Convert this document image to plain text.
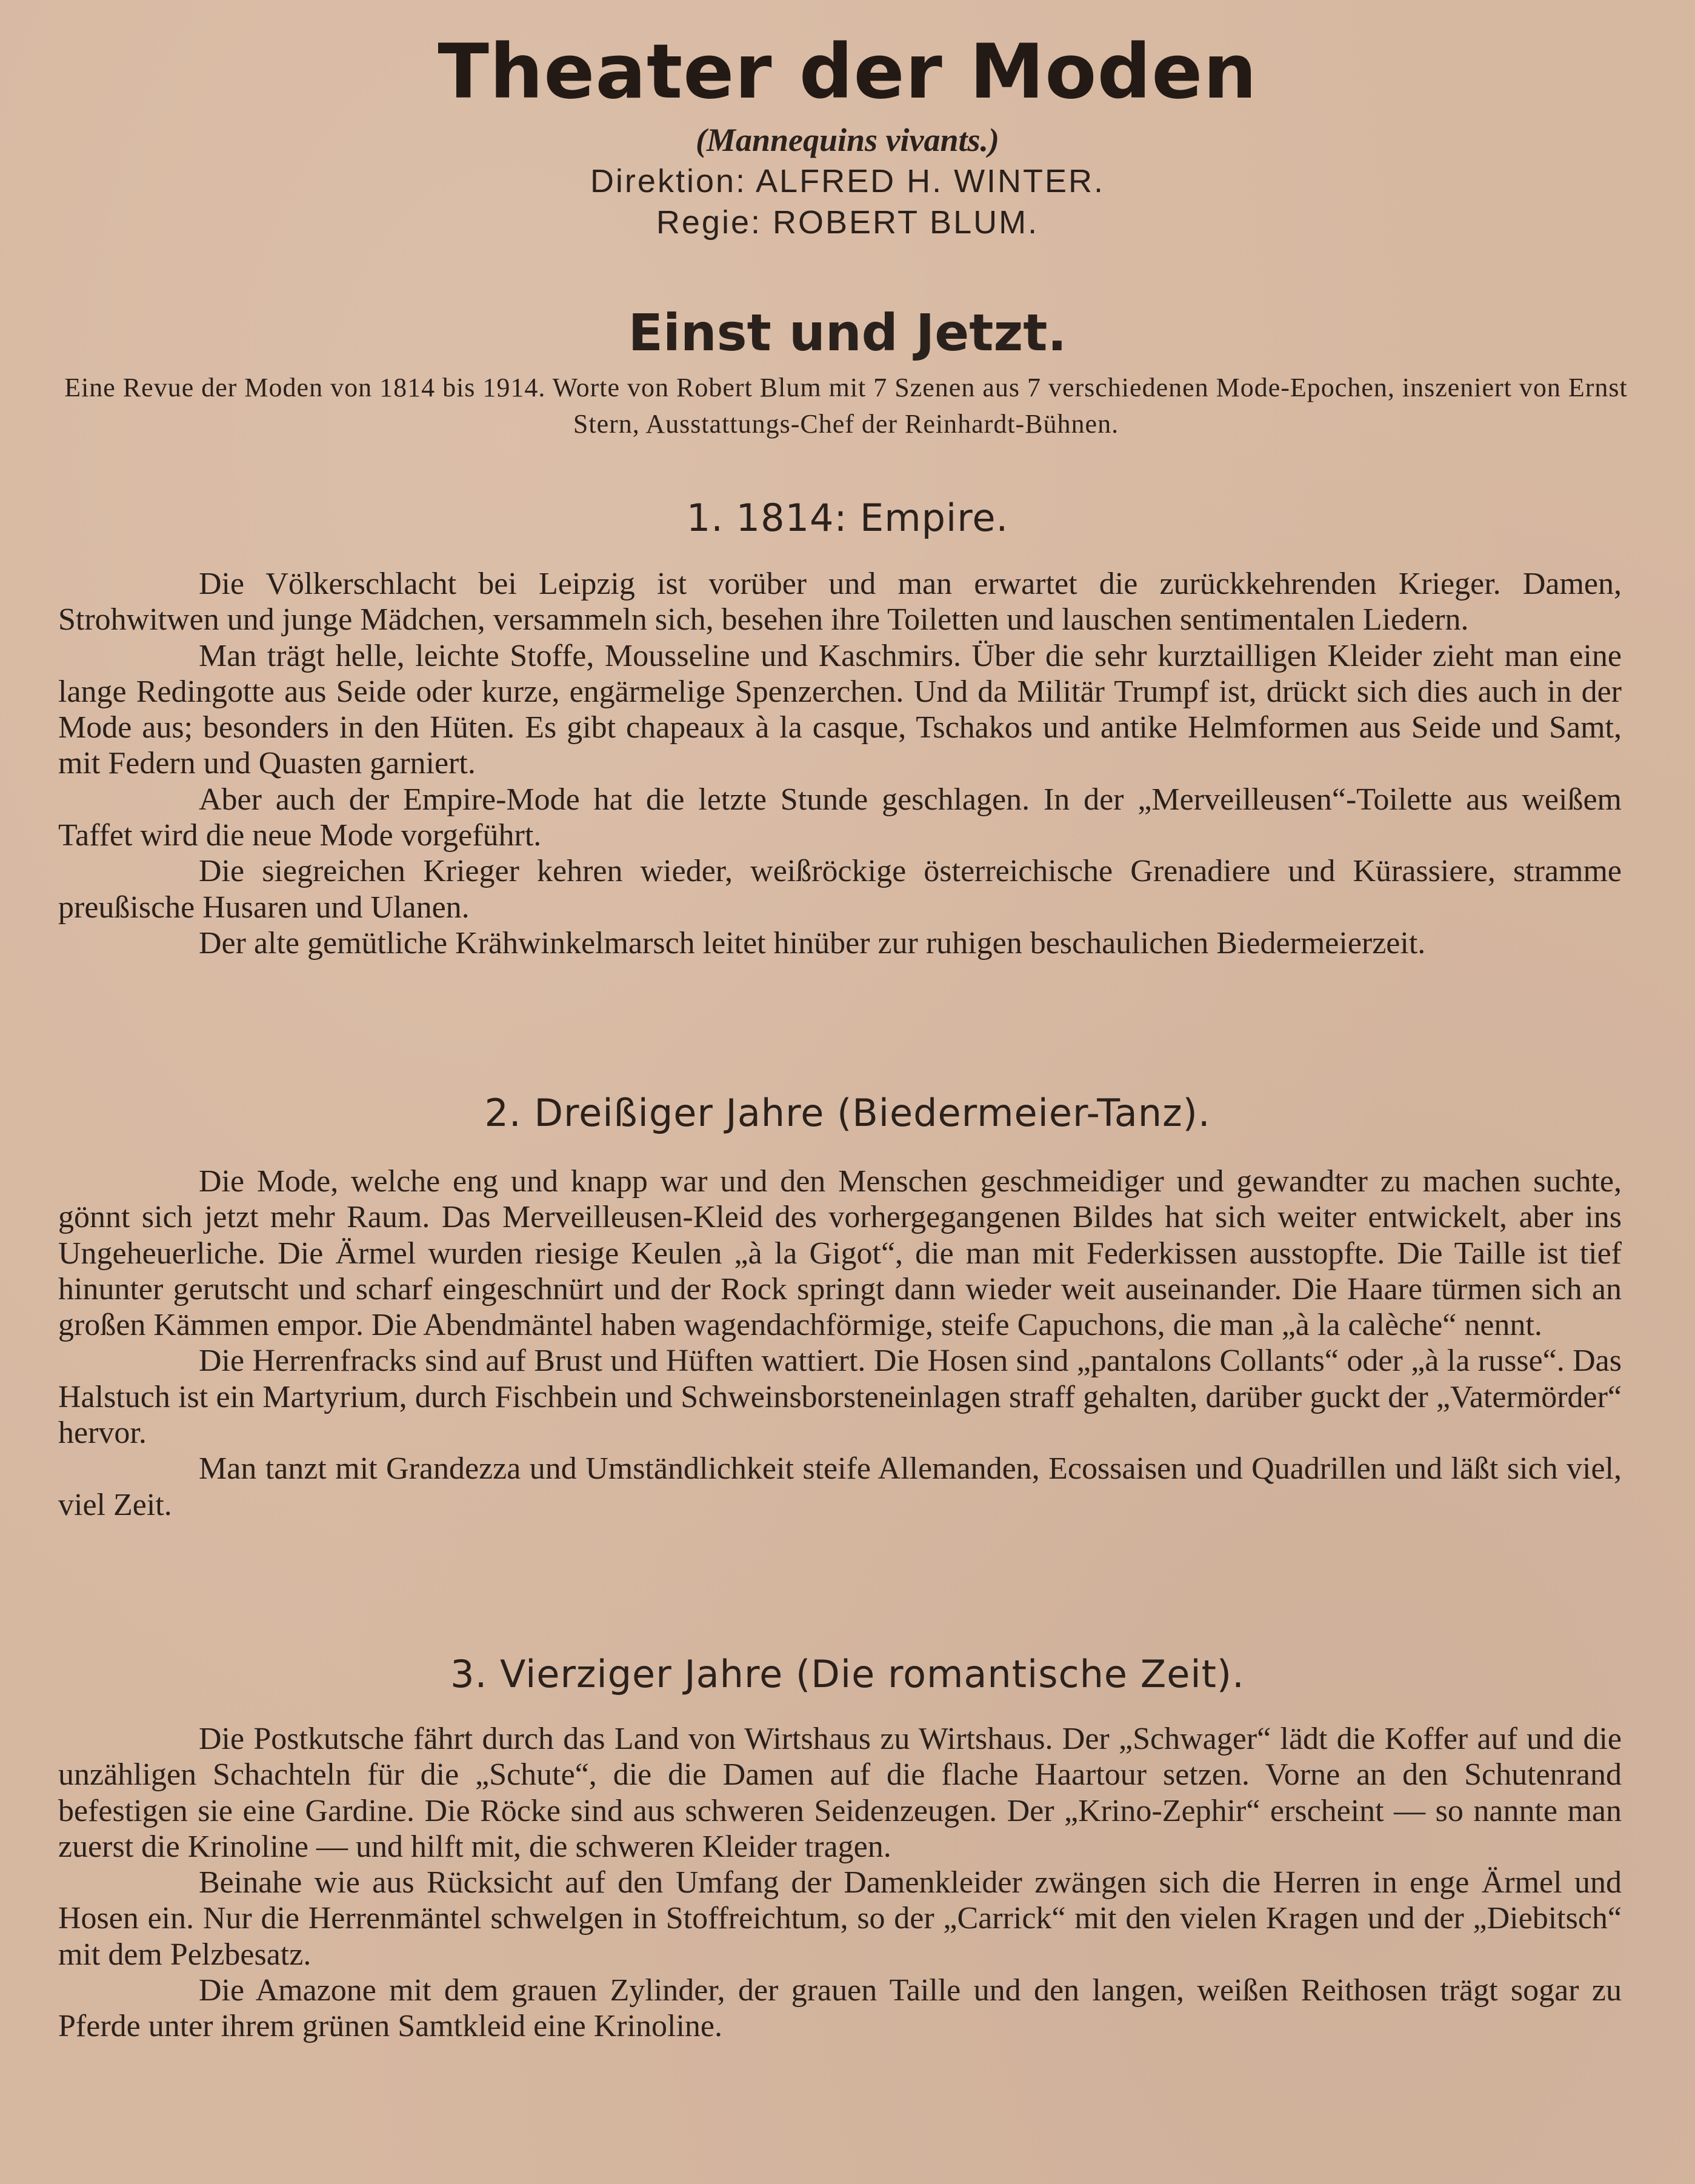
Theater der Moden
(Mannequins vivants.)
Direktion: ALFRED H. WINTER.
Regie: ROBERT BLUM.
Einst und Jetzt.
Eine Revue der Moden von 1814 bis 1914. Worte von Robert Blum mit 7 Szenen aus 7 verschiedenen Mode-Epochen, inszeniert von Ernst Stern, Ausstattungs-Chef der Reinhardt-Bühnen.
1. 1814: Empire.

Die Völkerschlacht bei Leipzig ist vorüber und man erwartet die zurückkehrenden Krieger. Damen, Strohwitwen und junge Mädchen, versammeln sich, besehen ihre Toiletten und lauschen sentimentalen Liedern.

Man trägt helle, leichte Stoffe, Mousseline und Kaschmirs. Über die sehr kurztailligen Kleider zieht man eine lange Redingotte aus Seide oder kurze, engärmelige Spenzerchen. Und da Militär Trumpf ist, drückt sich dies auch in der Mode aus; besonders in den Hüten. Es gibt chapeaux à la casque, Tschakos und antike Helmformen aus Seide und Samt, mit Federn und Quasten garniert.

Aber auch der Empire-Mode hat die letzte Stunde geschlagen. In der „Merveilleusen“-Toilette aus weißem Taffet wird die neue Mode vorgeführt.

Die siegreichen Krieger kehren wieder, weißröckige österreichische Grenadiere und Kürassiere, stramme preußische Husaren und Ulanen.

Der alte gemütliche Krähwinkelmarsch leitet hinüber zur ruhigen beschaulichen Biedermeierzeit.

2. Dreißiger Jahre (Biedermeier-Tanz).

Die Mode, welche eng und knapp war und den Menschen geschmeidiger und gewandter zu machen suchte, gönnt sich jetzt mehr Raum. Das Merveilleusen-Kleid des vorhergegangenen Bildes hat sich weiter entwickelt, aber ins Ungeheuerliche. Die Ärmel wurden riesige Keulen „à la Gigot“, die man mit Federkissen ausstopfte. Die Taille ist tief hinunter gerutscht und scharf eingeschnürt und der Rock springt dann wieder weit auseinander. Die Haare türmen sich an großen Kämmen empor. Die Abendmäntel haben wagendachförmige, steife Capuchons, die man „à la calèche“ nennt.

Die Herrenfracks sind auf Brust und Hüften wattiert. Die Hosen sind „pantalons Collants“ oder „à la russe“. Das Halstuch ist ein Martyrium, durch Fischbein und Schweinsborsteneinlagen straff gehalten, darüber guckt der „Vatermörder“ hervor.

Man tanzt mit Grandezza und Umständlichkeit steife Allemanden, Ecossaisen und Quadrillen und läßt sich viel, viel Zeit.

3. Vierziger Jahre (Die romantische Zeit).

Die Postkutsche fährt durch das Land von Wirtshaus zu Wirtshaus. Der „Schwager“ lädt die Koffer auf und die unzähligen Schachteln für die „Schute“, die die Damen auf die flache Haartour setzen. Vorne an den Schutenrand befestigen sie eine Gardine. Die Röcke sind aus schweren Seidenzeugen. Der „Krino-Zephir“ erscheint — so nannte man zuerst die Krinoline — und hilft mit, die schweren Kleider tragen.

Beinahe wie aus Rücksicht auf den Umfang der Damenkleider zwängen sich die Herren in enge Ärmel und Hosen ein. Nur die Herrenmäntel schwelgen in Stoffreichtum, so der „Carrick“ mit den vielen Kragen und der „Diebitsch“ mit dem Pelzbesatz.

Die Amazone mit dem grauen Zylinder, der grauen Taille und den langen, weißen Reithosen trägt sogar zu Pferde unter ihrem grünen Samtkleid eine Krinoline.
